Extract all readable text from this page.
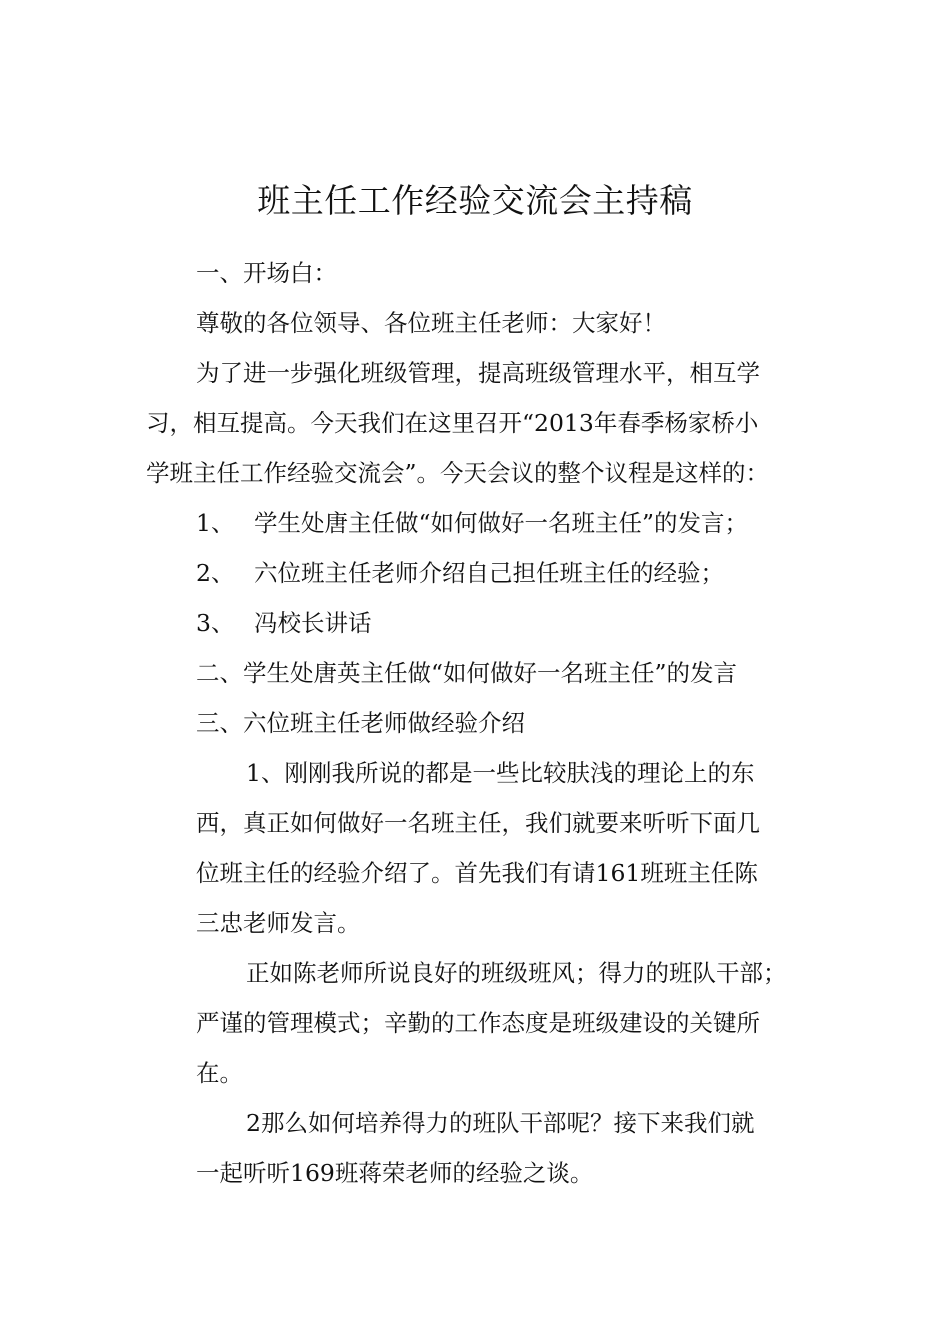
班主任工作经验交流会主持稿
一、开场白：
尊敬的各位领导、各位班主任老师：大家好！
为了进一步强化班级管理，提高班级管理水平，相互学
习，相互提高。今天我们在这里召开“2013年春季杨家桥小
学班主任工作经验交流会”。今天会议的整个议程是这样的：
1、 学生处唐主任做“如何做好一名班主任”的发言；
2、 六位班主任老师介绍自己担任班主任的经验；
3、 冯校长讲话
二、学生处唐英主任做“如何做好一名班主任”的发言
三、六位班主任老师做经验介绍
1、刚刚我所说的都是一些比较肤浅的理论上的东
西，真正如何做好一名班主任，我们就要来听听下面几
位班主任的经验介绍了。首先我们有请161班班主任陈
三忠老师发言。
正如陈老师所说良好的班级班风；得力的班队干部；
严谨的管理模式；辛勤的工作态度是班级建设的关键所
在。
2那么如何培养得力的班队干部呢？接下来我们就
一起听听169班蒋荣老师的经验之谈。
